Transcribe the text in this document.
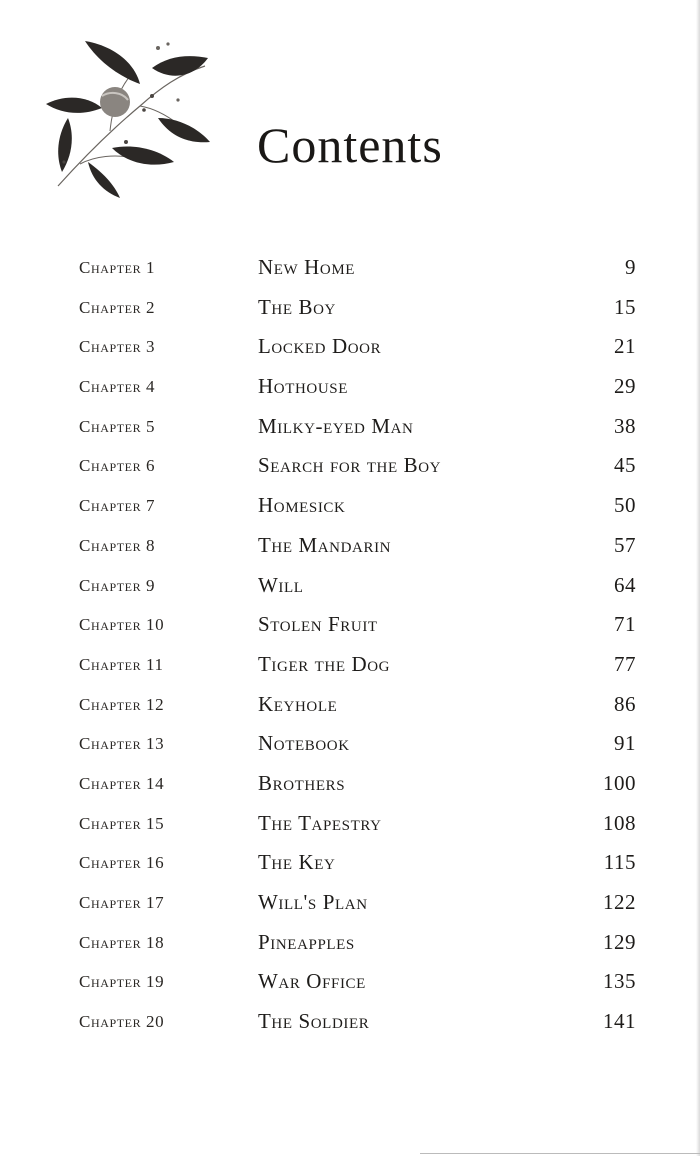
Contents
Chapter 1	New Home	9
Chapter 2	The Boy	15
Chapter 3	Locked Door	21
Chapter 4	Hothouse	29
Chapter 5	Milky-eyed Man	38
Chapter 6	Search for the Boy	45
Chapter 7	Homesick	50
Chapter 8	The Mandarin	57
Chapter 9	Will	64
Chapter 10	Stolen Fruit	71
Chapter 11	Tiger the Dog	77
Chapter 12	Keyhole	86
Chapter 13	Notebook	91
Chapter 14	Brothers	100
Chapter 15	The Tapestry	108
Chapter 16	The Key	115
Chapter 17	Will's Plan	122
Chapter 18	Pineapples	129
Chapter 19	War Office	135
Chapter 20	The Soldier	141
